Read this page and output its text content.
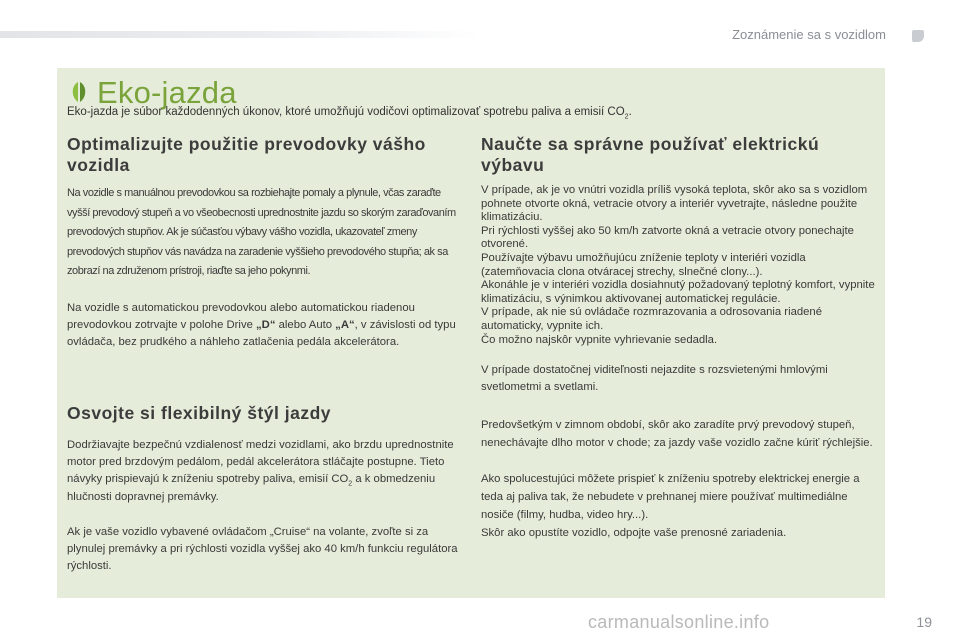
Zoznámenie sa s vozidlom
Eko-jazda

Eko-jazda je súbor každodenných úkonov, ktoré umožňujú vodičovi optimalizovať spotrebu paliva a emisií $CO_2$.

Optimalizujte použitie prevodovky vášho vozidla

Na vozidle s manuálnou prevodovkou sa rozbiehajte pomaly a plynule, včas zaraďte vyšší prevodový stupeň a vo všeobecnosti uprednostnite jazdu so skorým zaraďovaním prevodových stupňov. Ak je súčasťou výbavy vášho vozidla, ukazovateľ zmeny prevodových stupňov vás navádza na zaradenie vyššieho prevodového stupňa; ak sa zobrazí na združenom prístroji, riaďte sa jeho pokynmi.

Na vozidle s automatickou prevodovkou alebo automatickou riadenou prevodovkou zotrvajte v polohe Drive „D“ alebo Auto „A“, v závislosti od typu ovládača, bez prudkého a náhleho zatlačenia pedála akcelerátora.

Osvojte si flexibilný štýl jazdy

Dodržiavajte bezpečnú vzdialenosť medzi vozidlami, ako brzdu uprednostnite motor pred brzdovým pedálom, pedál akcelerátora stláčajte postupne. Tieto návyky prispievajú k zníženiu spotreby paliva, emisií $CO_2$ a k obmedzeniu hlučnosti dopravnej premávky.

Ak je vaše vozidlo vybavené ovládačom „Cruise“ na volante, zvoľte si za plynulej premávky a pri rýchlosti vozidla vyššej ako 40 km/h funkciu regulátora rýchlosti.

Naučte sa správne používať elektrickú výbavu

V prípade, ak je vo vnútri vozidla príliš vysoká teplota, skôr ako sa s vozidlom pohnete otvorte okná, vetracie otvory a interiér vyvetrajte, následne použite klimatizáciu.

Pri rýchlosti vyššej ako 50 km/h zatvorte okná a vetracie otvory ponechajte otvorené.

Používajte výbavu umožňujúcu zníženie teploty v interiéri vozidla (zatemňovacia clona otváracej strechy, slnečné clony...).

Akonáhle je v interiéri vozidla dosiahnutý požadovaný teplotný komfort, vypnite klimatizáciu, s výnimkou aktivovanej automatickej regulácie.

V prípade, ak nie sú ovládače rozmrazovania a odrosovania riadené automaticky, vypnite ich.

Čo možno najskôr vypnite vyhrievanie sedadla.

V prípade dostatočnej viditeľnosti nejazdite s rozsvietenými hmlovými svetlometmi a svetlami.

Predovšetkým v zimnom období, skôr ako zaradíte prvý prevodový stupeň, nenechávajte dlho motor v chode; za jazdy vaše vozidlo začne kúriť rýchlejšie.

Ako spolucestujúci môžete prispieť k zníženiu spotreby elektrickej energie a teda aj paliva tak, že nebudete v prehnanej miere používať multimediálne nosiče (filmy, hudba, video hry...).

Skôr ako opustíte vozidlo, odpojte vaše prenosné zariadenia.

carmanualsonline.info	19
